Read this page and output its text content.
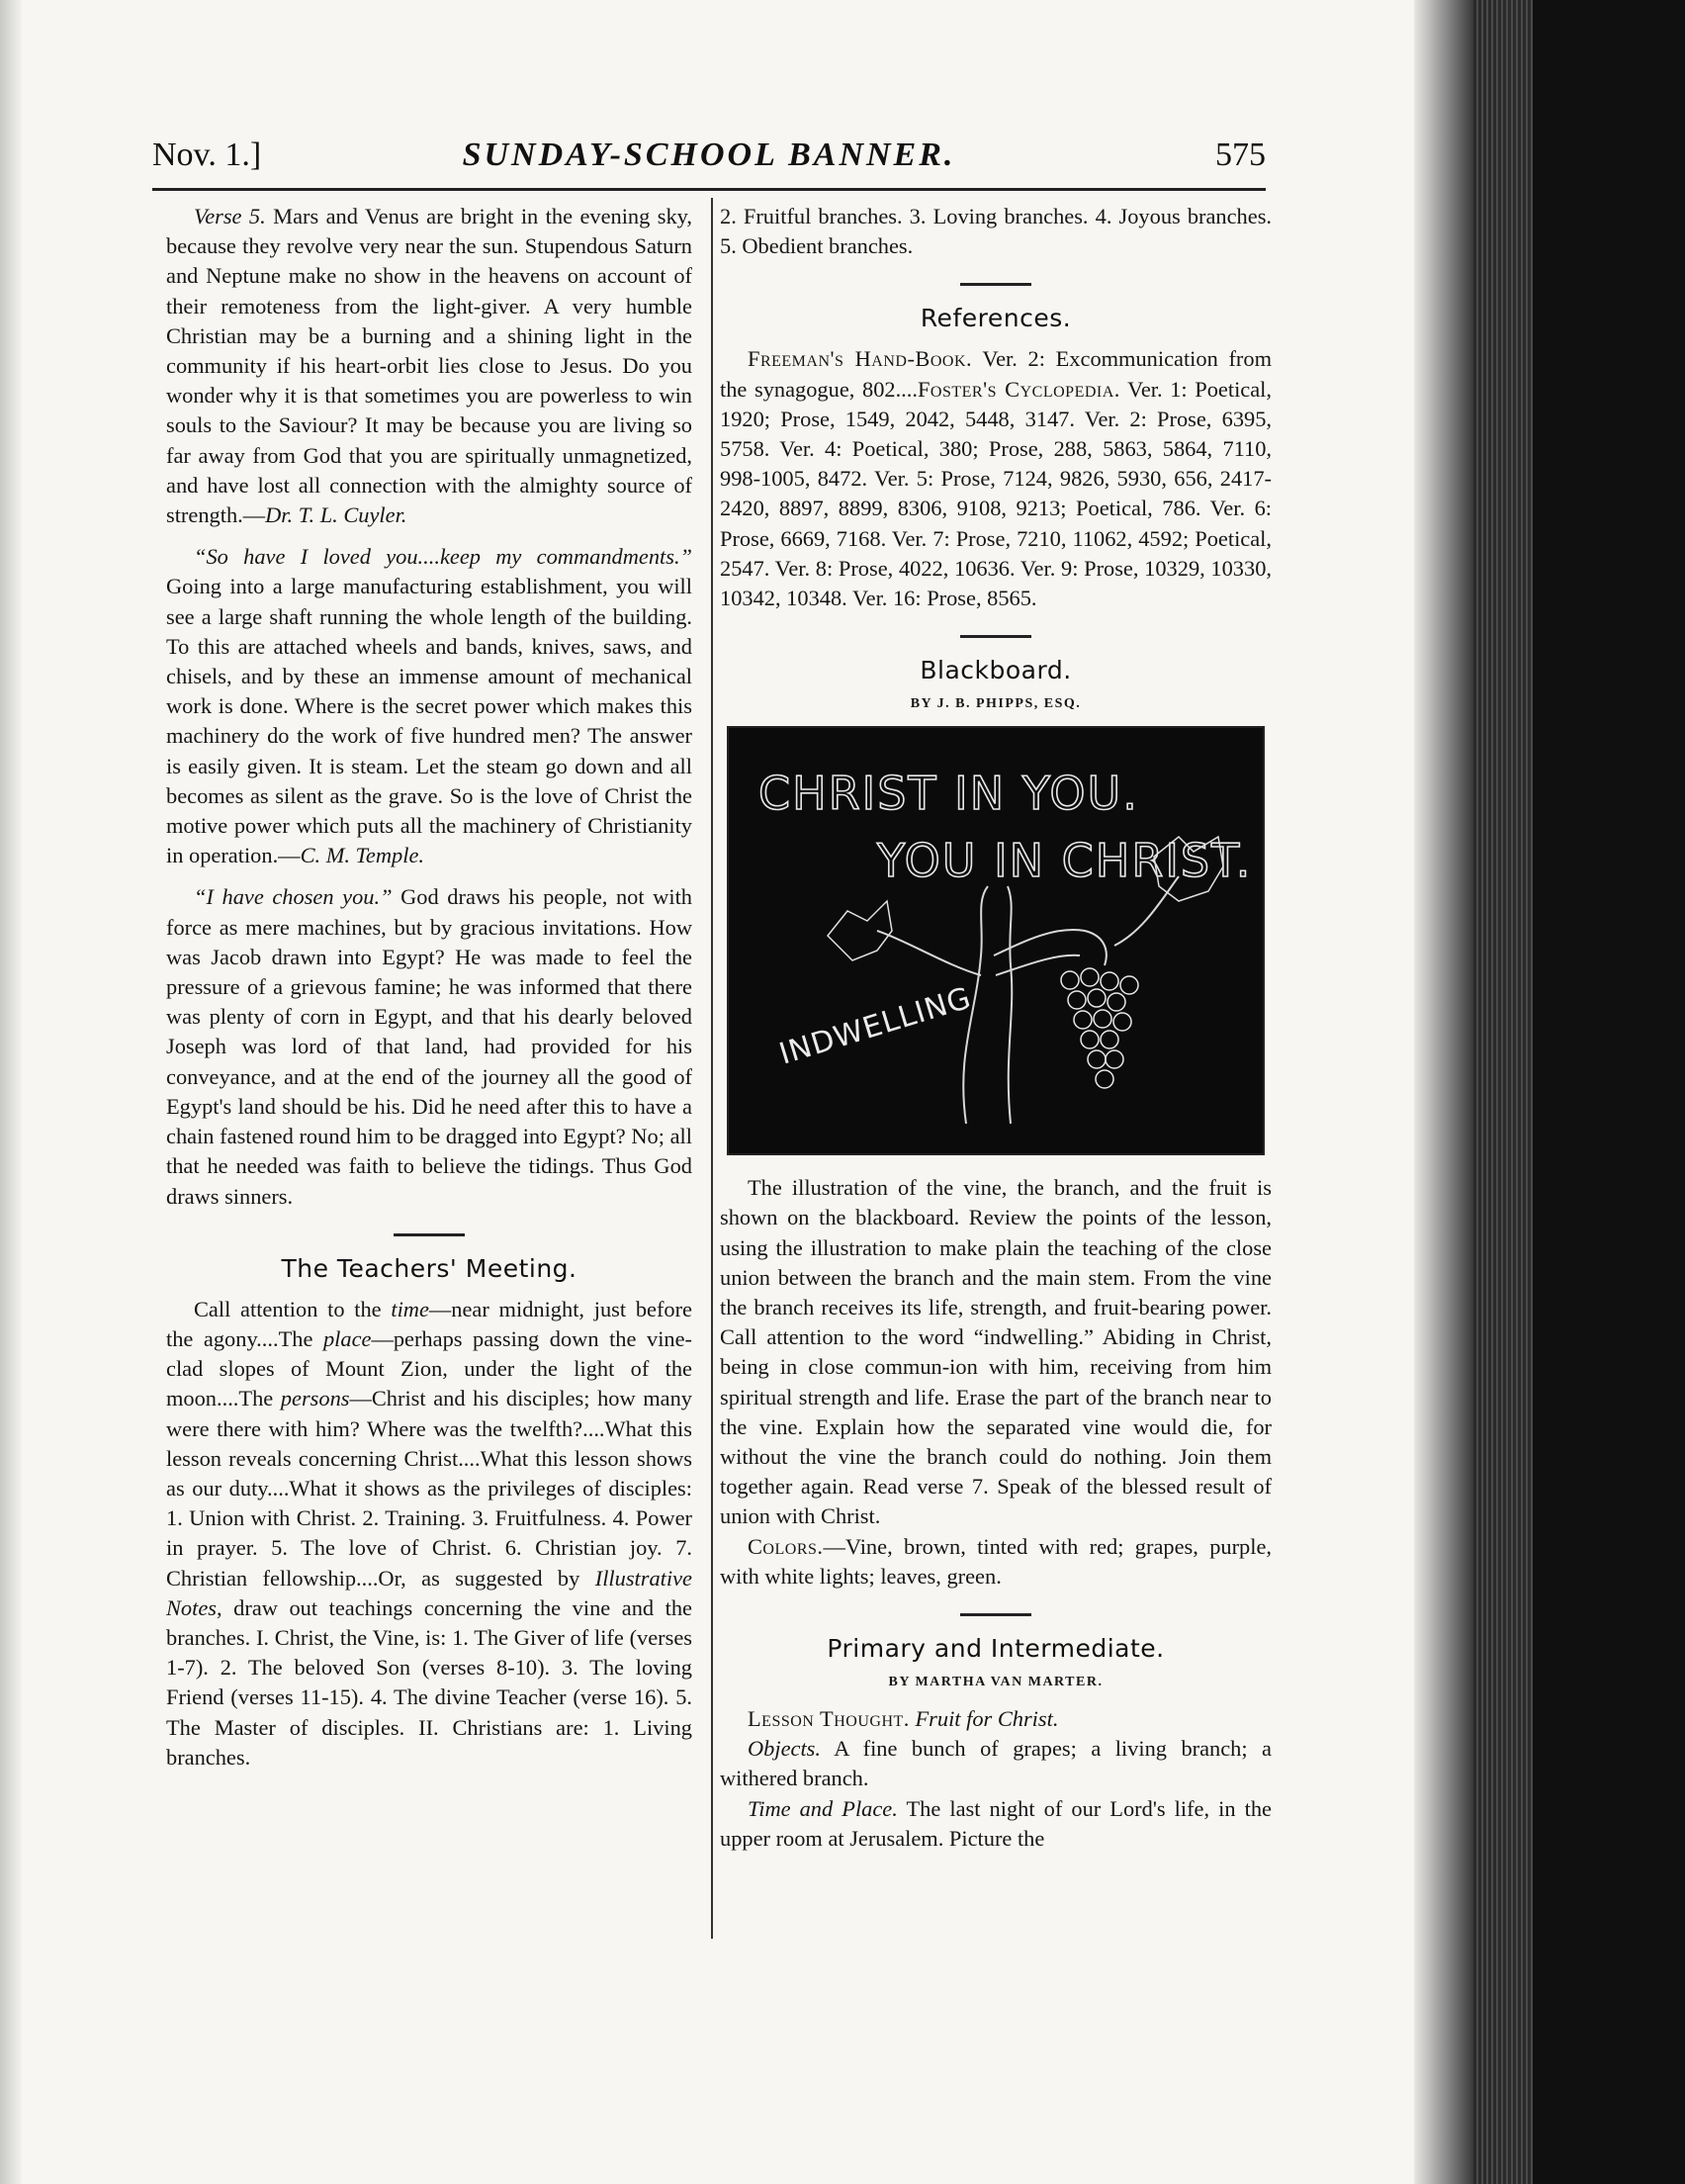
Nov. 1.]	SUNDAY-SCHOOL BANNER.	575

Verse 5. Mars and Venus are bright in the evening sky, because they revolve very near the sun. Stupendous Saturn and Neptune make no show in the heavens on account of their remoteness from the light-giver. A very humble Christian may be a burning and a shining light in the community if his heart-orbit lies close to Jesus. Do you wonder why it is that sometimes you are powerless to win souls to the Saviour? It may be because you are living so far away from God that you are spiritually unmagnetized, and have lost all connection with the almighty source of strength.—Dr. T. L. Cuyler.

“So have I loved you....keep my commandments.” Going into a large manufacturing establishment, you will see a large shaft running the whole length of the building. To this are attached wheels and bands, knives, saws, and chisels, and by these an immense amount of mechanical work is done. Where is the secret power which makes this machinery do the work of five hundred men? The answer is easily given. It is steam. Let the steam go down and all becomes as silent as the grave. So is the love of Christ the motive power which puts all the machinery of Christianity in operation.—C. M. Temple.

“I have chosen you.” God draws his people, not with force as mere machines, but by gracious invitations. How was Jacob drawn into Egypt? He was made to feel the pressure of a grievous famine; he was informed that there was plenty of corn in Egypt, and that his dearly beloved Joseph was lord of that land, had provided for his conveyance, and at the end of the journey all the good of Egypt's land should be his. Did he need after this to have a chain fastened round him to be dragged into Egypt? No; all that he needed was faith to believe the tidings. Thus God draws sinners.

The Teachers' Meeting.

Call attention to the time—near midnight, just before the agony....The place—perhaps passing down the vine-clad slopes of Mount Zion, under the light of the moon....The persons—Christ and his disciples; how many were there with him? Where was the twelfth?....What this lesson reveals concerning Christ....What this lesson shows as our duty....What it shows as the privileges of disciples: 1. Union with Christ. 2. Training. 3. Fruitfulness. 4. Power in prayer. 5. The love of Christ. 6. Christian joy. 7. Christian fellowship....Or, as suggested by Illustrative Notes, draw out teachings concerning the vine and the branches. I. Christ, the Vine, is: 1. The Giver of life (verses 1-7). 2. The beloved Son (verses 8-10). 3. The loving Friend (verses 11-15). 4. The divine Teacher (verse 16). 5. The Master of disciples. II. Christians are: 1. Living branches.

2. Fruitful branches. 3. Loving branches. 4. Joyous branches. 5. Obedient branches.

References.

Freeman's Hand-Book. Ver. 2: Excommunication from the synagogue, 802....Foster's Cyclopedia. Ver. 1: Poetical, 1920; Prose, 1549, 2042, 5448, 3147. Ver. 2: Prose, 6395, 5758. Ver. 4: Poetical, 380; Prose, 288, 5863, 5864, 7110, 998-1005, 8472. Ver. 5: Prose, 7124, 9826, 5930, 656, 2417-2420, 8897, 8899, 8306, 9108, 9213; Poetical, 786. Ver. 6: Prose, 6669, 7168. Ver. 7: Prose, 7210, 11062, 4592; Poetical, 2547. Ver. 8: Prose, 4022, 10636. Ver. 9: Prose, 10329, 10330, 10342, 10348. Ver. 16: Prose, 8565.

Blackboard.
BY J. B. PHIPPS, ESQ.
CHRIST IN YOU.
YOU IN CHRIST.
INDWELLING

The illustration of the vine, the branch, and the fruit is shown on the blackboard. Review the points of the lesson, using the illustration to make plain the teaching of the close union between the branch and the main stem. From the vine the branch receives its life, strength, and fruit-bearing power. Call attention to the word “indwelling.” Abiding in Christ, being in close commun-ion with him, receiving from him spiritual strength and life. Erase the part of the branch near to the vine. Explain how the separated vine would die, for without the vine the branch could do nothing. Join them together again. Read verse 7. Speak of the blessed result of union with Christ.

Colors.—Vine, brown, tinted with red; grapes, purple, with white lights; leaves, green.

Primary and Intermediate.
BY MARTHA VAN MARTER.

Lesson Thought. Fruit for Christ.

Objects. A fine bunch of grapes; a living branch; a withered branch.

Time and Place. The last night of our Lord's life, in the upper room at Jerusalem. Picture the
